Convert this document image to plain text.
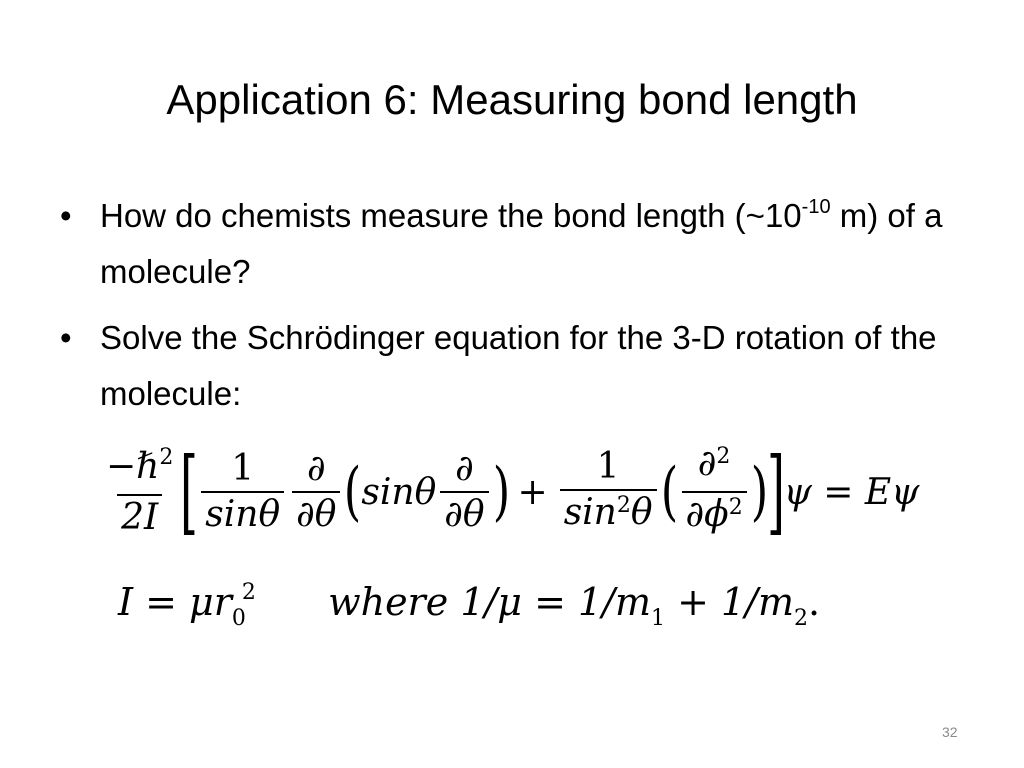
Application 6: Measuring bond length
• How do chemists measure the bond length ($\sim 10^{-10}$ m) of a molecule?
• Solve the Schrödinger equation for the 3-D rotation of the molecule:
$\frac{-\hbar^2}{2I}$ [ $\frac{1}{\sin\theta} \frac{\partial}{\partial\theta}$ ( sinθ $\frac{\partial}{\partial\theta}$ ) + $\frac{1}{\sin^2\theta}$ ( $\frac{\partial^2}{\partial\phi^2}$ )
]
ψ = Eψ
$I = \mu r_0^2$ where $1/\mu = 1/m_1 + 1/m_2$.
32
